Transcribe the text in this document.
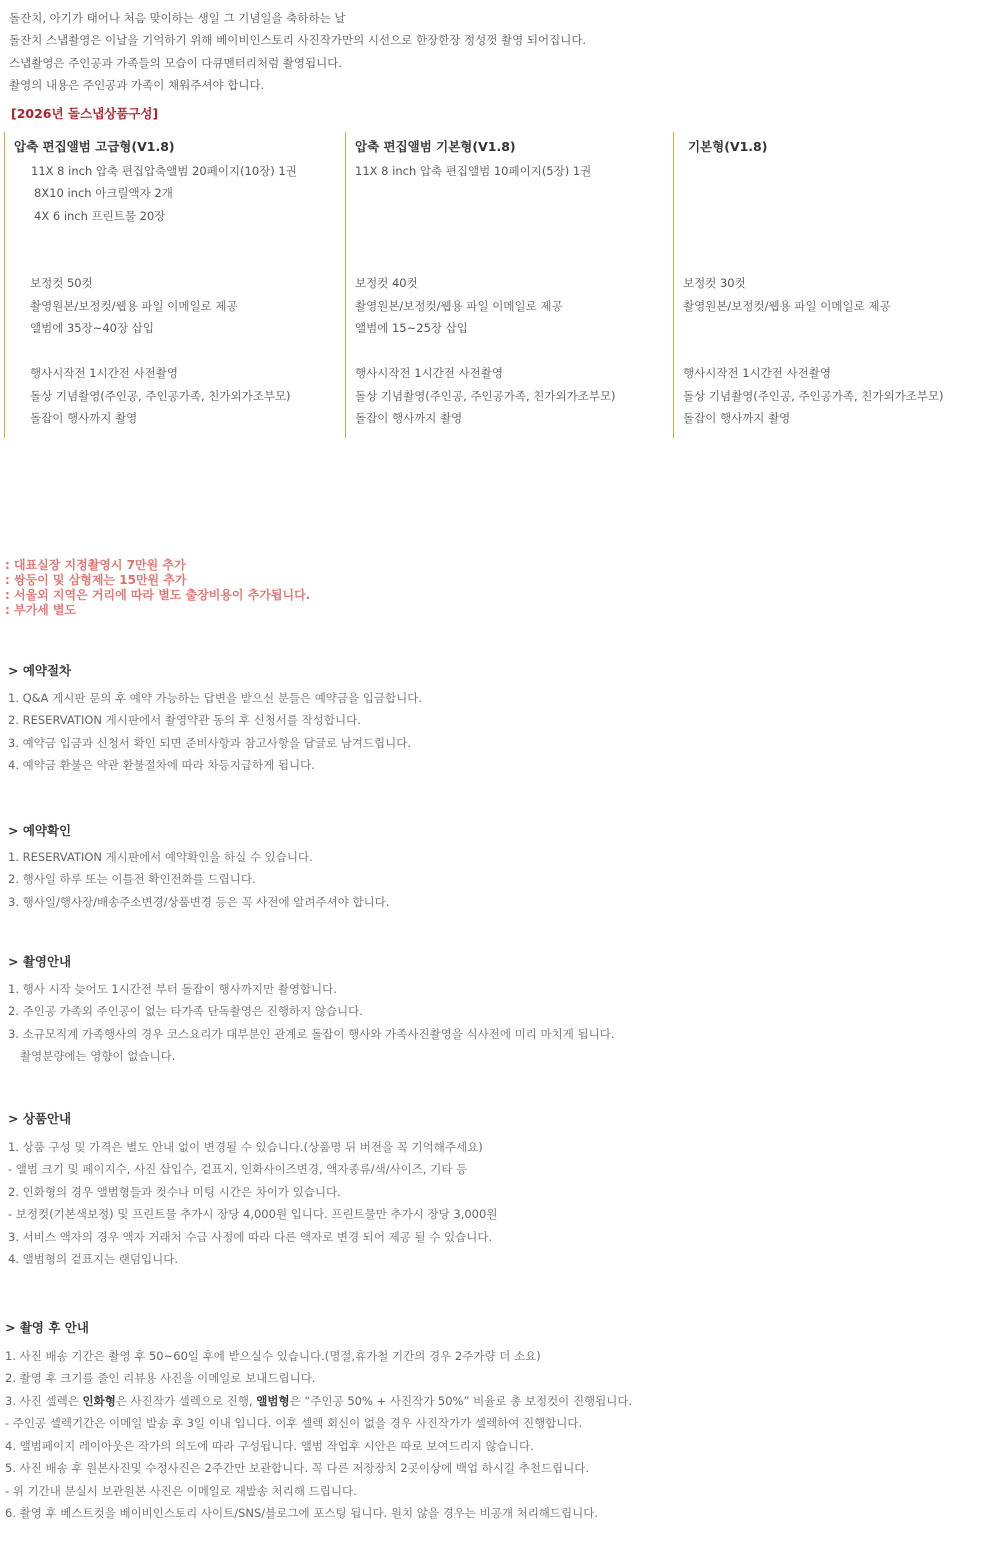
돌잔치, 아기가 태어나 처음 맞이하는 생일 그 기념일을 축하하는 날
돌잔치 스냅촬영은 이날을 기억하기 위해 베이비인스토리 사진작가만의 시선으로 한장한장 정성껏 촬영 되어집니다.
스냅촬영은 주인공과 가족들의 모습이 다큐멘터리처럼 촬영됩니다.
촬영의 내용은 주인공과 가족이 채워주셔야 합니다.
[2026년 돌스냅상품구성]
압축 편집앨범 고급형(V1.8)
11X 8 inch 압축 편집압축앨범 20페이지(10장) 1권
8X10 inch 아크릴액자 2개
4X 6 inch 프린트물 20장
보정컷 50컷
촬영원본/보정컷/웹용 파일 이메일로 제공
앨범에 35장~40장 삽입
행사시작전 1시간전 사전촬영
돌상 기념촬영(주인공, 주인공가족, 친가외가조부모)
돌잡이 행사까지 촬영
압축 편집앨범 기본형(V1.8)
11X 8 inch 압축 편집앨범 10페이지(5장) 1권
보정컷 40컷
촬영원본/보정컷/웹용 파일 이메일로 제공
앨범에 15~25장 삽입
행사시작전 1시간전 사전촬영
돌상 기념촬영(주인공, 주인공가족, 친가외가조부모)
돌잡이 행사까지 촬영
기본형(V1.8)
보정컷 30컷
촬영원본/보정컷/웹용 파일 이메일로 제공
행사시작전 1시간전 사전촬영
돌상 기념촬영(주인공, 주인공가족, 친가외가조부모)
돌잡이 행사까지 촬영
: 대표실장 지정촬영시 7만원 추가
: 쌍둥이 및 삼형제는 15만원 추가
: 서울외 지역은 거리에 따라 별도 출장비용이 추가됩니다.
: 부가세 별도
> 예약절차
1. Q&A 게시판 문의 후 예약 가능하는 답변을 받으신 분들은 예약금을 입금합니다.
2. RESERVATION 게시판에서 촬영약관 동의 후 신청서를 작성합니다.
3. 예약금 입금과 신청서 확인 되면 준비사항과 참고사항을 답글로 남겨드립니다.
4. 예약금 환불은 약관 환불절차에 따라 차등지급하게 됩니다.
> 예약확인
1. RESERVATION 게시판에서 예약확인을 하실 수 있습니다.
2. 행사일 하루 또는 이틀전 확인전화를 드립니다.
3. 행사일/행사장/배송주소변경/상품변경 등은 꼭 사전에 알려주셔야 합니다.
> 촬영안내
1. 행사 시작 늦어도 1시간전 부터 돌잡이 행사까지만 촬영합니다.
2. 주인공 가족외 주인공이 없는 타가족 단독촬영은 진행하지 않습니다.
3. 소규모직계 가족행사의 경우 코스요리가 대부분인 관계로 돌잡이 행사와 가족사진촬영을 식사전에 미리 마치게 됩니다.
촬영분량에는 영향이 없습니다.
> 상품안내
1. 상품 구성 및 가격은 별도 안내 없이 변경될 수 있습니다.(상품명 뒤 버전을 꼭 기억해주세요)
- 앨범 크기 및 페이지수, 사진 삽입수, 겉표지, 인화사이즈변경, 액자종류/색/사이즈, 기타 등
2. 인화형의 경우 앨범형들과 컷수나 미팅 시간은 차이가 있습니다.
- 보정컷(기본색보정) 및 프린트물 추가시 장당 4,000원 입니다. 프린트물만 추가시 장당 3,000원
3. 서비스 액자의 경우 액자 거래처 수급 사정에 따라 다른 액자로 변경 되어 제공 될 수 있습니다.
4. 앨범형의 겉표지는 랜덤입니다.
> 촬영 후 안내
1. 사진 배송 기간은 촬영 후 50~60일 후에 받으실수 있습니다.(명절,휴가철 기간의 경우 2주가량 더 소요)
2. 촬영 후 크기를 줄인 리뷰용 사진을 이메일로 보내드립니다.
3. 사진 셀렉은 인화형은 사진작가 셀렉으로 진행, 앨범형은 “주인공 50% + 사진작가 50%” 비율로 총 보정컷이 진행됩니다.
- 주인공 셀렉기간은 이메일 발송 후 3일 이내 입니다. 이후 셀렉 회신이 없을 경우 사진작가가 셀렉하여 진행합니다.
4. 앨범페이지 레이아웃은 작가의 의도에 따라 구성됩니다. 앨범 작업후 시안은 따로 보여드리지 않습니다.
5. 사진 배송 후 원본사진및 수정사진은 2주간만 보관합니다. 꼭 다른 저장장치 2곳이상에 백업 하시길 추천드립니다.
- 위 기간내 분실시 보관원본 사진은 이메일로 재발송 처리해 드립니다.
6. 촬영 후 베스트컷을 베이비인스토리 사이트/SNS/블로그에 포스팅 됩니다. 원치 않을 경우는 비공개 처리해드립니다.
